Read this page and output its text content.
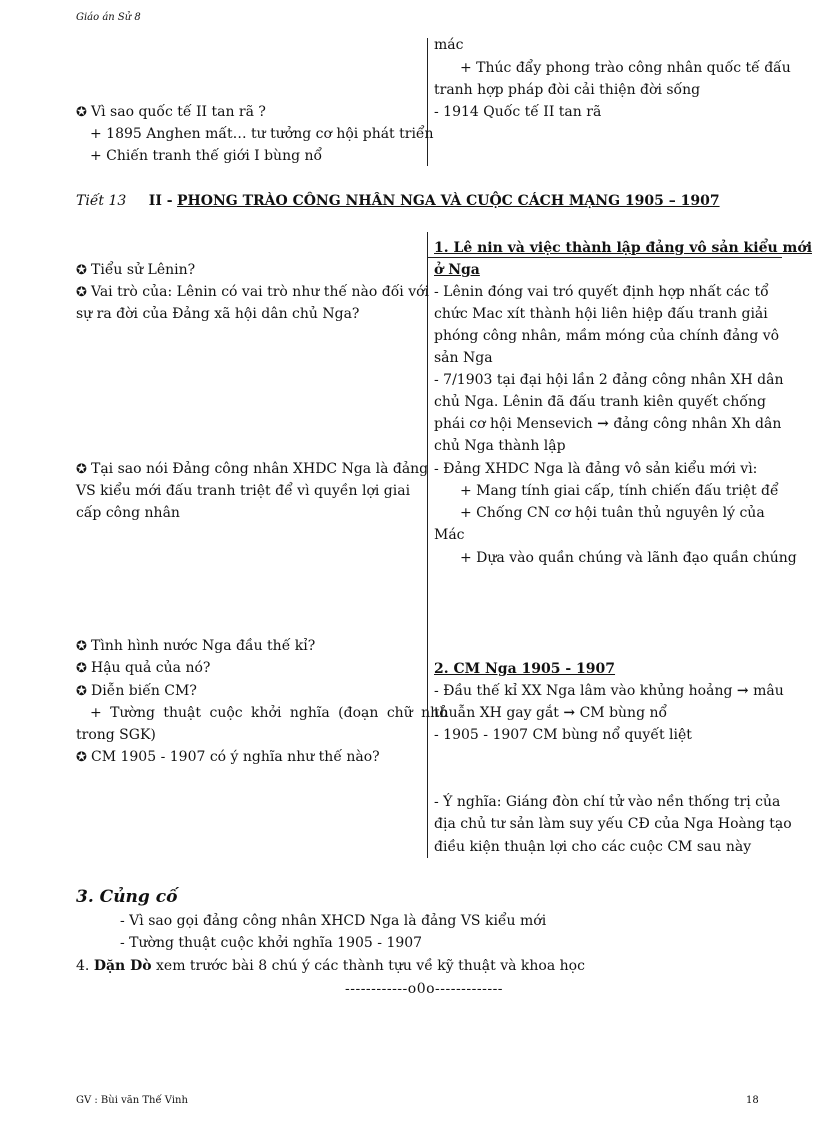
Giáo án Sử 8
mác
+ Thúc đẩy phong trào công nhân quốc tế đấu
tranh hợp pháp đòi cải thiện đời sống
- 1914 Quốc tế II tan rã
✪ Vì sao quốc tế II tan rã ?
+ 1895 Anghen mất… tư tưởng cơ hội phát triển
+ Chiến tranh thế giới I bùng nổ
Tiết 13 II - PHONG TRÀO CÔNG NHÂN NGA VÀ CUỘC CÁCH MẠNG 1905 – 1907
1. Lê nin và việc thành lập đảng vô sản kiểu mới
ở Nga
✪ Tiểu sử Lênin?
✪ Vai trò của: Lênin có vai trò như thế nào đối với
sự ra đời của Đảng xã hội dân chủ Nga?
- Lênin đóng vai tró quyết định hợp nhất các tổ
chức Mac xít thành hội liên hiệp đấu tranh giải
phóng công nhân, mầm móng của chính đảng vô
sản Nga
- 7/1903 tại đại hội lần 2 đảng công nhân XH dân
chủ Nga. Lênin đã đấu tranh kiên quyết chống
phái cơ hội Mensevich → đảng công nhân Xh dân
chủ Nga thành lập
✪ Tại sao nói Đảng công nhân XHDC Nga là đảng
VS kiểu mới đấu tranh triệt để vì quyền lợi giai
cấp công nhân
- Đảng XHDC Nga là đảng vô sản kiểu mới vì:
+ Mang tính giai cấp, tính chiến đấu triệt để
+ Chống CN cơ hội tuân thủ nguyên lý của
Mác
+ Dựa vào quần chúng và lãnh đạo quần chúng
✪ Tình hình nước Nga đầu thế kỉ?
✪ Hậu quả của nó?
✪ Diễn biến CM?
+ Tường thuật cuộc khởi nghĩa (đoạn chữ nhỏ
trong SGK)
✪ CM 1905 - 1907 có ý nghĩa như thế nào?
2. CM Nga 1905 - 1907
- Đầu thế kỉ XX Nga lâm vào khủng hoảng → mâu
thuẫn XH gay gắt → CM bùng nổ
- 1905 - 1907 CM bùng nổ quyết liệt
- Ý nghĩa: Giáng đòn chí tử vào nền thống trị của
địa chủ tư sản làm suy yếu CĐ của Nga Hoàng tạo
điều kiện thuận lợi cho các cuộc CM sau này
3. Củng cố
- Vì sao gọi đảng công nhân XHCD Nga là đảng VS kiểu mới
- Tường thuật cuộc khởi nghĩa 1905 - 1907
4. Dặn Dò xem trước bài 8 chú ý các thành tựu về kỹ thuật và khoa học
------------o0o-------------
GV : Bùi văn Thế Vinh	18
